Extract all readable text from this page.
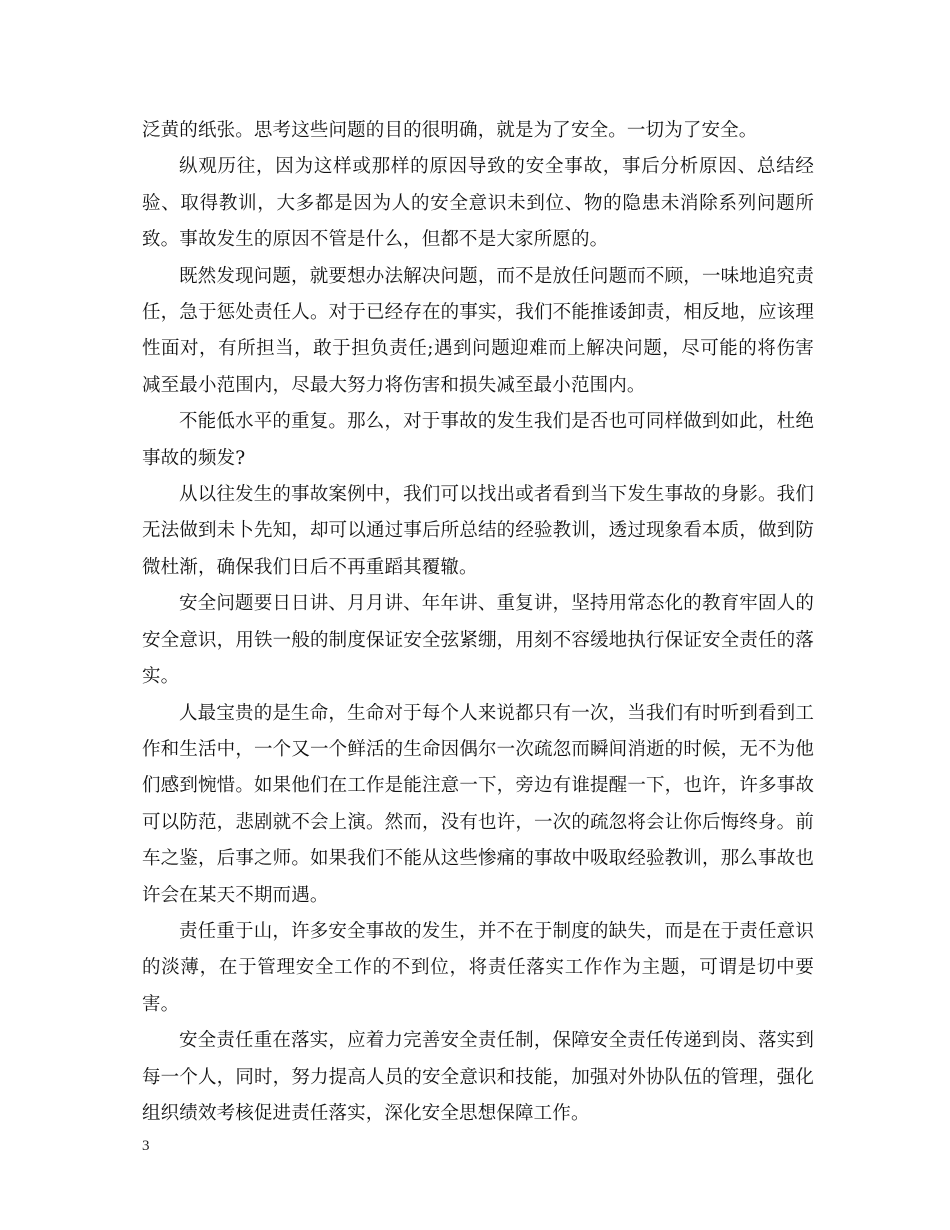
泛黄的纸张。思考这些问题的目的很明确，就是为了安全。一切为了安全。

纵观历往，因为这样或那样的原因导致的安全事故，事后分析原因、总结经验、取得教训，大多都是因为人的安全意识未到位、物的隐患未消除系列问题所致。事故发生的原因不管是什么，但都不是大家所愿的。

既然发现问题，就要想办法解决问题，而不是放任问题而不顾，一味地追究责任，急于惩处责任人。对于已经存在的事实，我们不能推诿卸责，相反地，应该理性面对，有所担当，敢于担负责任;遇到问题迎难而上解决问题，尽可能的将伤害减至最小范围内，尽最大努力将伤害和损失减至最小范围内。

不能低水平的重复。那么，对于事故的发生我们是否也可同样做到如此，杜绝事故的频发?

从以往发生的事故案例中，我们可以找出或者看到当下发生事故的身影。我们无法做到未卜先知，却可以通过事后所总结的经验教训，透过现象看本质，做到防微杜渐，确保我们日后不再重蹈其覆辙。

安全问题要日日讲、月月讲、年年讲、重复讲，坚持用常态化的教育牢固人的安全意识，用铁一般的制度保证安全弦紧绷，用刻不容缓地执行保证安全责任的落实。

人最宝贵的是生命，生命对于每个人来说都只有一次，当我们有时听到看到工作和生活中，一个又一个鲜活的生命因偶尔一次疏忽而瞬间消逝的时候，无不为他们感到惋惜。如果他们在工作是能注意一下，旁边有谁提醒一下，也许，许多事故可以防范，悲剧就不会上演。然而，没有也许，一次的疏忽将会让你后悔终身。前车之鉴，后事之师。如果我们不能从这些惨痛的事故中吸取经验教训，那么事故也许会在某天不期而遇。

责任重于山，许多安全事故的发生，并不在于制度的缺失，而是在于责任意识的淡薄，在于管理安全工作的不到位，将责任落实工作作为主题，可谓是切中要害。

安全责任重在落实，应着力完善安全责任制，保障安全责任传递到岗、落实到每一个人，同时，努力提高人员的安全意识和技能，加强对外协队伍的管理，强化组织绩效考核促进责任落实，深化安全思想保障工作。

3
